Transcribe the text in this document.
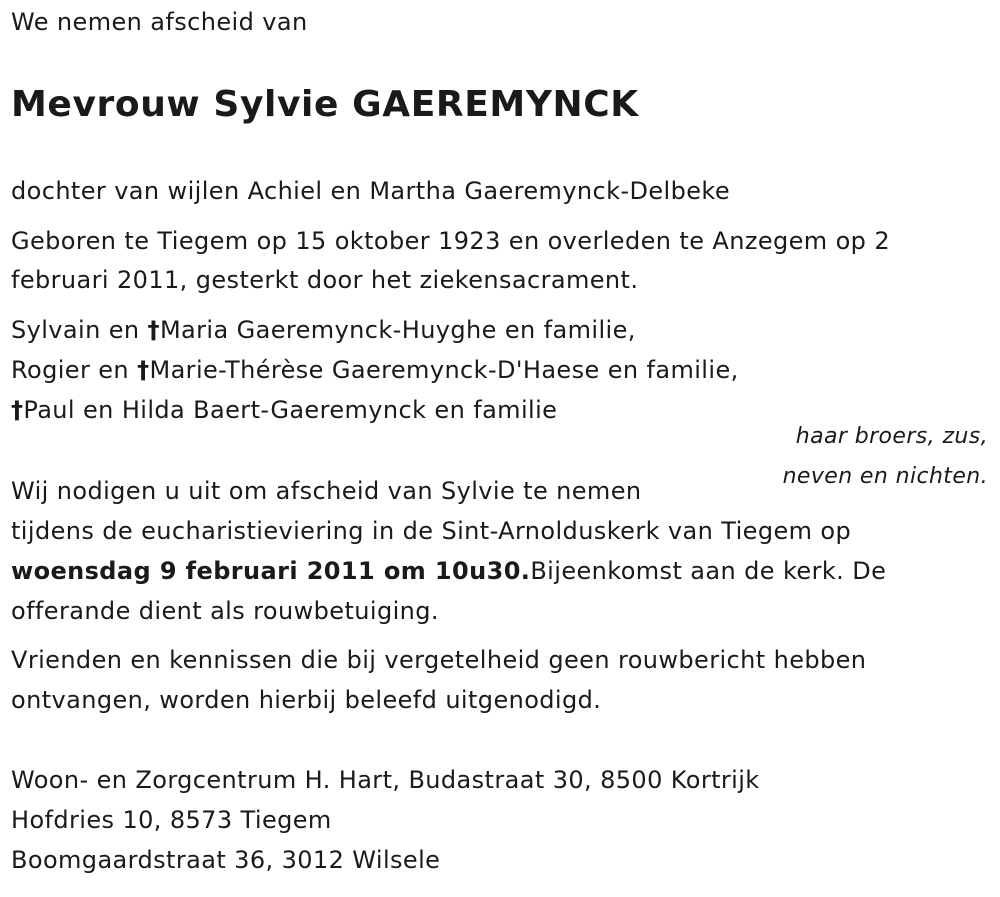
We nemen afscheid van
Mevrouw Sylvie GAEREMYNCK
dochter van wijlen Achiel en Martha Gaeremynck-Delbeke
Geboren te Tiegem op 15 oktober 1923 en overleden te Anzegem op 2
februari 2011, gesterkt door het ziekensacrament.
Sylvain en †Maria Gaeremynck-Huyghe en familie,
Rogier en †Marie-Thérèse Gaeremynck-D'Haese en familie,
†Paul en Hilda Baert-Gaeremynck en familie
haar broers, zus,
neven en nichten.
Wij nodigen u uit om afscheid van Sylvie te nemen
tijdens de eucharistieviering in de Sint-Arnolduskerk van Tiegem op
woensdag 9 februari 2011 om 10u30.Bijeenkomst aan de kerk. De
offerande dient als rouwbetuiging.
Vrienden en kennissen die bij vergetelheid geen rouwbericht hebben
ontvangen, worden hierbij beleefd uitgenodigd.
Woon- en Zorgcentrum H. Hart, Budastraat 30, 8500 Kortrijk
Hofdries 10, 8573 Tiegem
Boomgaardstraat 36, 3012 Wilsele
